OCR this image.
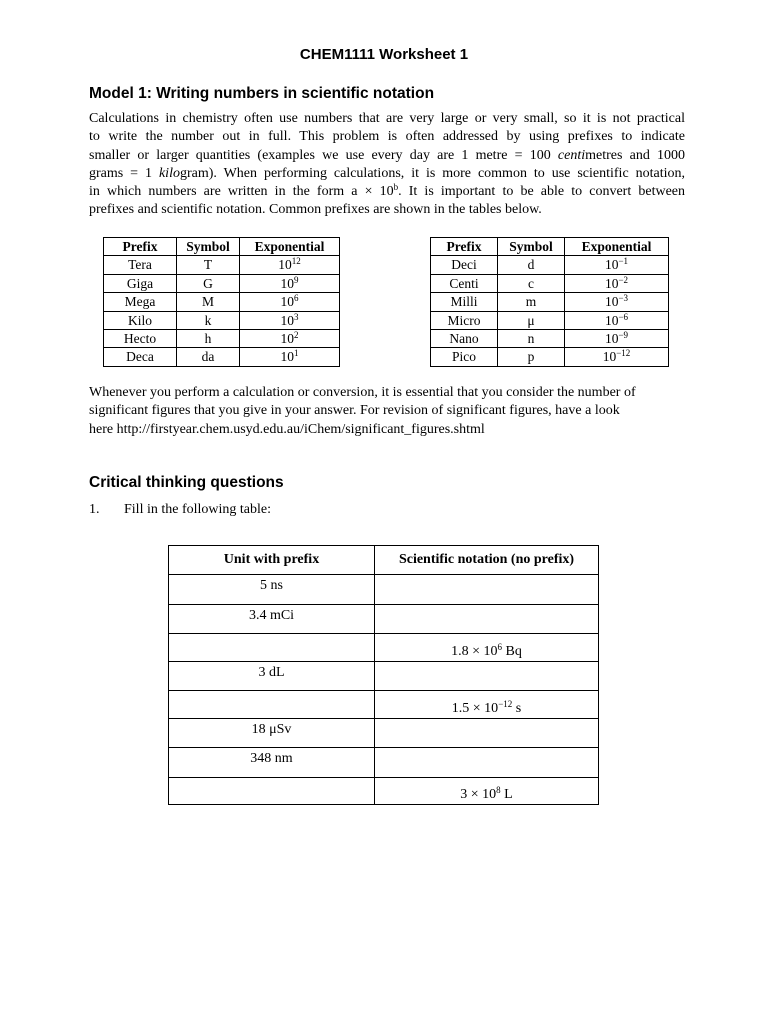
CHEM1111 Worksheet 1
Model 1: Writing numbers in scientific notation
Calculations in chemistry often use numbers that are very large or very small, so it is not practical
to write the number out in full. This problem is often addressed by using prefixes to indicate
smaller or larger quantities (examples we use every day are 1 metre = 100 centimetres and 1000
grams = 1 kilogram). When performing calculations, it is more common to use scientific notation,
in which numbers are written in the form $a \times 10^b$. It is important to be able to convert between
prefixes and scientific notation. Common prefixes are shown in the tables below.
Prefix	Symbol	Exponential
Tera	T	$10^{12}$
Giga	G	$10^9$
Mega	M	$10^6$
Kilo	k	$10^3$
Hecto	h	$10^2$
Deca	da	$10^1$
Prefix	Symbol	Exponential
Deci	d	$10^{-1}$
Centi	c	$10^{-2}$
Milli	m	$10^{-3}$
Micro	μ	$10^{-6}$
Nano	n	$10^{-9}$
Pico	p	$10^{-12}$
Whenever you perform a calculation or conversion, it is essential that you consider the number of
significant figures that you give in your answer. For revision of significant figures, have a look
here http://firstyear.chem.usyd.edu.au/iChem/significant_figures.shtml
Critical thinking questions
1. Fill in the following table:
Unit with prefix	Scientific notation (no prefix)
5 ns	
3.4 mCi	
	$1.8 \times 10^6$ Bq
3 dL	
	$1.5 \times 10^{-12}$ s
18 μSv	
348 nm	
	$3 \times 10^8$ L
